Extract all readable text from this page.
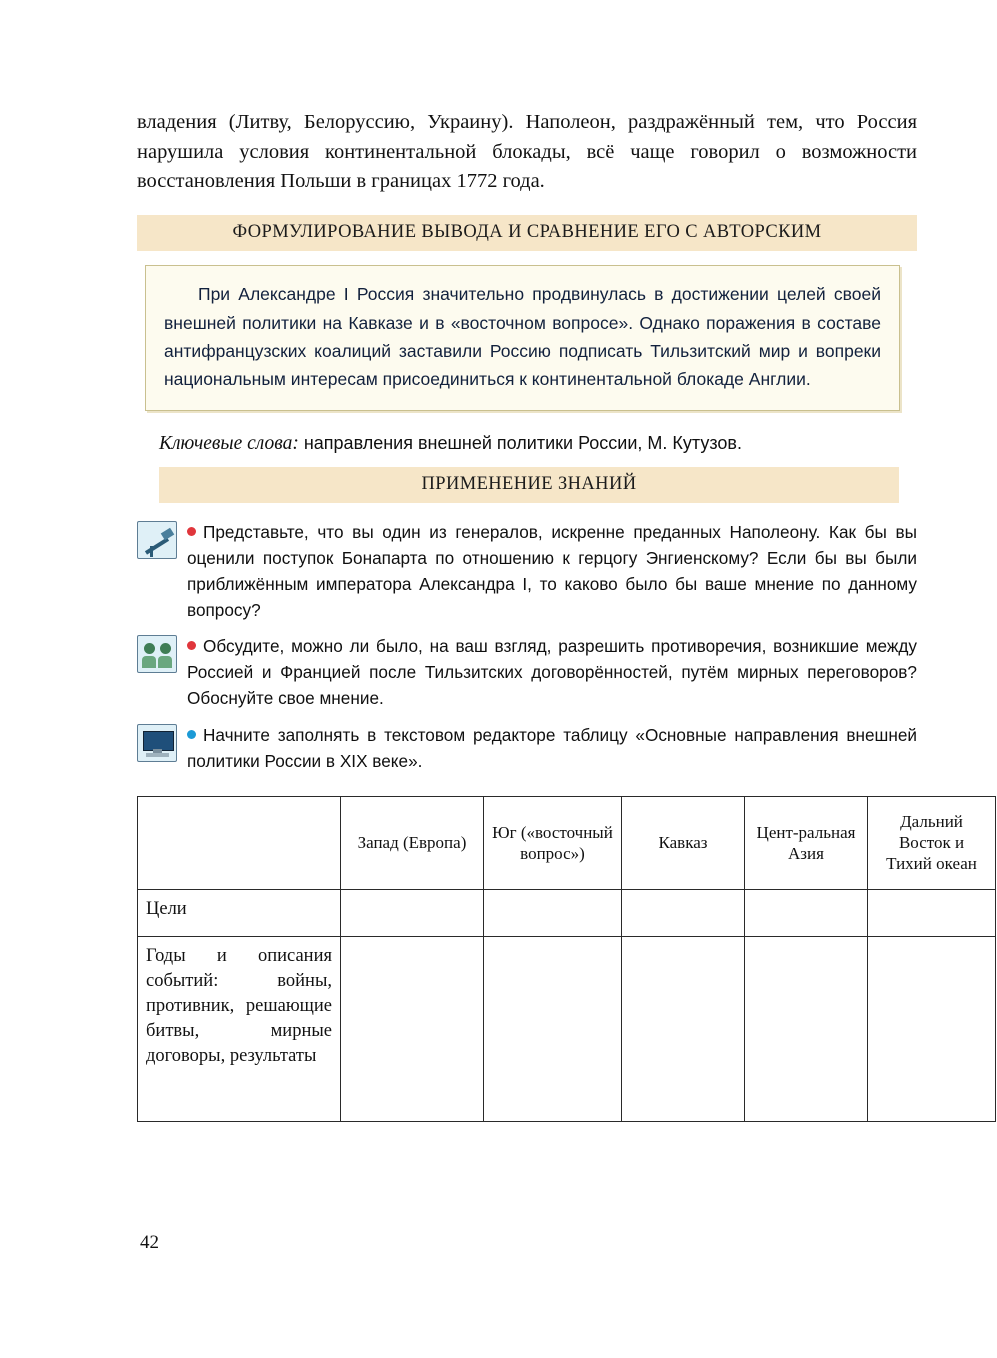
владения (Литву, Белоруссию, Украину). Наполеон, раздражённый тем, что Россия нарушила условия континентальной блокады, всё чаще говорил о возможности восстановления Польши в границах 1772 года.

ФОРМУЛИРОВАНИЕ ВЫВОДА И СРАВНЕНИЕ ЕГО С АВТОРСКИМ

При Александре I Россия значительно продвинулась в достижении целей своей внешней политики на Кавказе и в «восточном вопросе». Однако поражения в составе антифранцузских коалиций заставили Россию подписать Тильзитский мир и вопреки национальным интересам присоединиться к континентальной блокаде Англии.

Ключевые слова: направления внешней политики России, М. Кутузов.
ПРИМЕНЕНИЕ ЗНАНИЙ
Представьте, что вы один из генералов, искренне преданных Наполеону. Как бы вы оценили поступок Бонапарта по отношению к герцогу Энгиенскому? Если бы вы были приближённым императора Александра I, то каково было бы ваше мнение по данному вопросу?
Обсудите, можно ли было, на ваш взгляд, разрешить противоречия, возникшие между Россией и Францией после Тильзитских договорённостей, путём мирных переговоров? Обоснуйте свое мнение.
Начните заполнять в текстовом редакторе таблицу «Основные направления внешней политики России в XIX веке».
	Запад (Европа)	Юг («восточный вопрос»)	Кавказ	Цент-ральная Азия	Дальний Восток и Тихий океан
Цели					
Годы и описания событий: войны, противник, решающие битвы, мирные договоры, результаты					
42
